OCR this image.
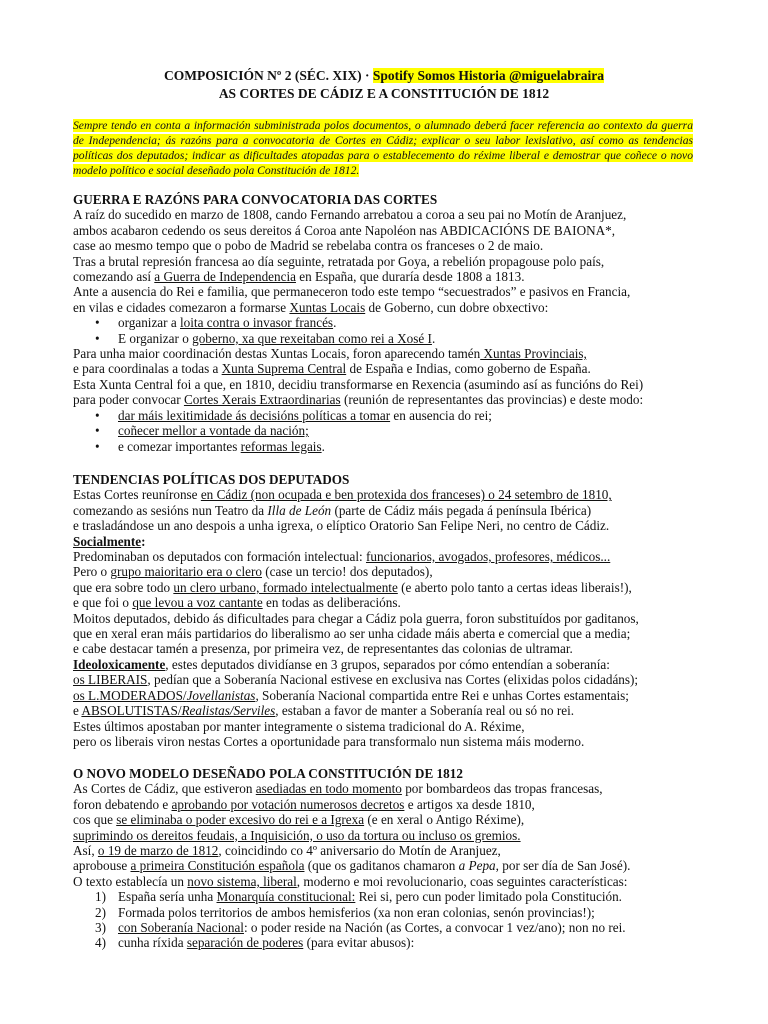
COMPOSICIÓN Nº 2 (SÉC. XIX) · Spotify Somos Historia @miguelabraira
AS CORTES DE CÁDIZ E A CONSTITUCIÓN DE 1812
Sempre tendo en conta a información subministrada polos documentos, o alumnado deberá facer referencia ao contexto da guerra de Independencia; ás razóns para a convocatoria de Cortes en Cádiz; explicar o seu labor lexislativo, así como as tendencias políticas dos deputados; indicar as dificultades atopadas para o establecemento do réxime liberal e demostrar que coñece o novo modelo político e social deseñado pola Constitución de 1812.
GUERRA E RAZÓNS PARA CONVOCATORIA DAS CORTES
A raíz do sucedido en marzo de 1808, cando Fernando arrebatou a coroa a seu pai no Motín de Aranjuez,
ambos acabaron cedendo os seus dereitos á Coroa ante Napoléon nas ABDICACIÓNS DE BAIONA*,
case ao mesmo tempo que o pobo de Madrid se rebelaba contra os franceses o 2 de maio.
Tras a brutal represión francesa ao día seguinte, retratada por Goya, a rebelión propagouse polo país,
comezando así a Guerra de Independencia en España, que duraría desde 1808 a 1813.
Ante a ausencia do Rei e familia, que permaneceron todo este tempo “secuestrados” e pasivos en Francia,
en vilas e cidades comezaron a formarse Xuntas Locais de Goberno, cun dobre obxectivo:
• organizar a loita contra o invasor francés.
• E organizar o goberno, xa que rexeitaban como rei a Xosé I.
Para unha maior coordinación destas Xuntas Locais, foron aparecendo tamén Xuntas Provinciais,
e para coordinalas a todas a Xunta Suprema Central de España e Indias, como goberno de España.
Esta Xunta Central foi a que, en 1810, decidiu transformarse en Rexencia (asumindo así as funcións do Rei)
para poder convocar Cortes Xerais Extraordinarias (reunión de representantes das provincias) e deste modo:
• dar máis lexitimidade ás decisións políticas a tomar en ausencia do rei;
• coñecer mellor a vontade da nación;
• e comezar importantes reformas legais.
TENDENCIAS POLÍTICAS DOS DEPUTADOS
Estas Cortes reuníronse en Cádiz (non ocupada e ben protexida dos franceses) o 24 setembro de 1810,
comezando as sesións nun Teatro da Illa de León (parte de Cádiz máis pegada á península Ibérica)
e trasladándose un ano despois a unha igrexa, o elíptico Oratorio San Felipe Neri, no centro de Cádiz.
Socialmente:
Predominaban os deputados con formación intelectual: funcionarios, avogados, profesores, médicos...
Pero o grupo maioritario era o clero (case un tercio! dos deputados),
que era sobre todo un clero urbano, formado intelectualmente (e aberto polo tanto a certas ideas liberais!),
e que foi o que levou a voz cantante en todas as deliberacións.
Moitos deputados, debido ás dificultades para chegar a Cádiz pola guerra, foron substituídos por gaditanos,
que en xeral eran máis partidarios do liberalismo ao ser unha cidade máis aberta e comercial que a media;
e cabe destacar tamén a presenza, por primeira vez, de representantes das colonias de ultramar.
Ideoloxicamente, estes deputados dividíanse en 3 grupos, separados por cómo entendían a soberanía:
os LIBERAIS, pedían que a Soberanía Nacional estivese en exclusiva nas Cortes (elixidas polos cidadáns);
os L.MODERADOS/Jovellanistas, Soberanía Nacional compartida entre Rei e unhas Cortes estamentais;
e ABSOLUTISTAS/Realistas/Serviles, estaban a favor de manter a Soberanía real ou só no rei.
Estes últimos apostaban por manter integramente o sistema tradicional do A. Réxime,
pero os liberais viron nestas Cortes a oportunidade para transformalo nun sistema máis moderno.
O NOVO MODELO DESEÑADO POLA CONSTITUCIÓN DE 1812
As Cortes de Cádiz, que estiveron asediadas en todo momento por bombardeos das tropas francesas,
foron debatendo e aprobando por votación numerosos decretos e artigos xa desde 1810,
cos que se eliminaba o poder excesivo do rei e a Igrexa (e en xeral o Antigo Réxime),
suprimindo os dereitos feudais, a Inquisición, o uso da tortura ou incluso os gremios.
Así, o 19 de marzo de 1812, coincidindo co 4º aniversario do Motín de Aranjuez,
aprobouse a primeira Constitución española (que os gaditanos chamaron a Pepa, por ser día de San José).
O texto establecía un novo sistema, liberal, moderno e moi revolucionario, coas seguintes características:
1) España sería unha Monarquía constitucional: Rei si, pero cun poder limitado pola Constitución.
2) Formada polos territorios de ambos hemisferios (xa non eran colonias, senón provincias!);
3) con Soberanía Nacional: o poder reside na Nación (as Cortes, a convocar 1 vez/ano); non no rei.
4) cunha ríxida separación de poderes (para evitar abusos):
